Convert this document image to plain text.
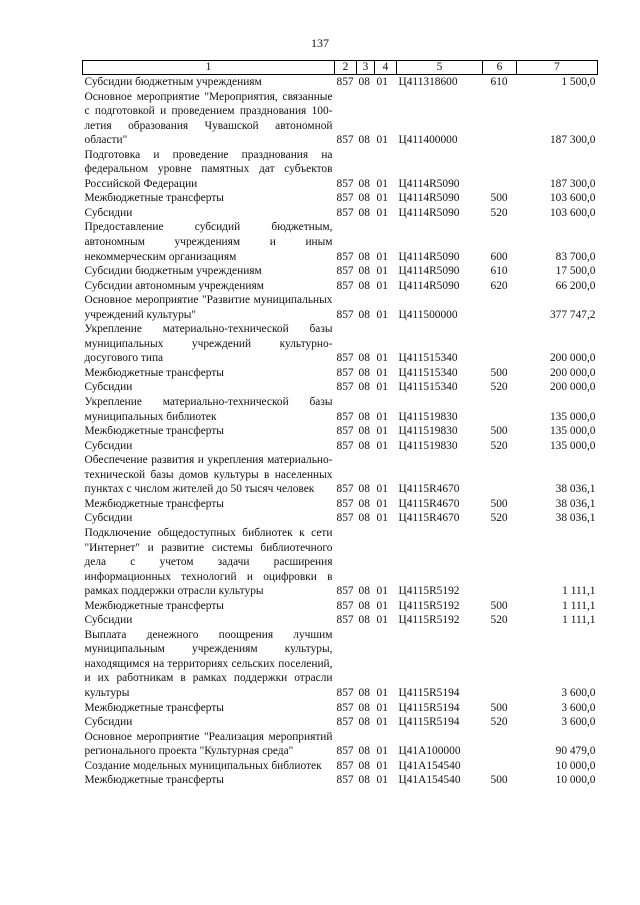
137
1	2	3	4	5	6	7
Субсидии бюджетным учреждениям	857	08	01	Ц411318600	610	1 500,0
Основное мероприятие "Мероприятия, связанные с подготовкой и проведением празднования 100-летия образования Чувашской автономной области"	857	08	01	Ц411400000		187 300,0
Подготовка и проведение празднования на федеральном уровне памятных дат субъектов Российской Федерации	857	08	01	Ц4114R5090		187 300,0
Межбюджетные трансферты	857	08	01	Ц4114R5090	500	103 600,0
Субсидии	857	08	01	Ц4114R5090	520	103 600,0
Предоставление субсидий бюджетным, автономным учреждениям и иным некоммерческим организациям	857	08	01	Ц4114R5090	600	83 700,0
Субсидии бюджетным учреждениям	857	08	01	Ц4114R5090	610	17 500,0
Субсидии автономным учреждениям	857	08	01	Ц4114R5090	620	66 200,0
Основное мероприятие "Развитие муниципальных учреждений культуры"	857	08	01	Ц411500000		377 747,2
Укрепление материально-технической базы муниципальных учреждений культурно-досугового типа	857	08	01	Ц411515340		200 000,0
Межбюджетные трансферты	857	08	01	Ц411515340	500	200 000,0
Субсидии	857	08	01	Ц411515340	520	200 000,0
Укрепление материально-технической базы муниципальных библиотек	857	08	01	Ц411519830		135 000,0
Межбюджетные трансферты	857	08	01	Ц411519830	500	135 000,0
Субсидии	857	08	01	Ц411519830	520	135 000,0
Обеспечение развития и укрепления материально-технической базы домов культуры в населенных пунктах с числом жителей до 50 тысяч человек	857	08	01	Ц4115R4670		38 036,1
Межбюджетные трансферты	857	08	01	Ц4115R4670	500	38 036,1
Субсидии	857	08	01	Ц4115R4670	520	38 036,1
Подключение общедоступных библиотек к сети "Интернет" и развитие системы библиотечного дела с учетом задачи расширения информационных технологий и оцифровки в рамках поддержки отрасли культуры	857	08	01	Ц4115R5192		1 111,1
Межбюджетные трансферты	857	08	01	Ц4115R5192	500	1 111,1
Субсидии	857	08	01	Ц4115R5192	520	1 111,1
Выплата денежного поощрения лучшим муниципальным учреждениям культуры, находящимся на территориях сельских поселений, и их работникам в рамках поддержки отрасли культуры	857	08	01	Ц4115R5194		3 600,0
Межбюджетные трансферты	857	08	01	Ц4115R5194	500	3 600,0
Субсидии	857	08	01	Ц4115R5194	520	3 600,0
Основное мероприятие "Реализация мероприятий регионального проекта "Культурная среда"	857	08	01	Ц41А100000		90 479,0
Создание модельных муниципальных библиотек	857	08	01	Ц41А154540		10 000,0
Межбюджетные трансферты	857	08	01	Ц41А154540	500	10 000,0
